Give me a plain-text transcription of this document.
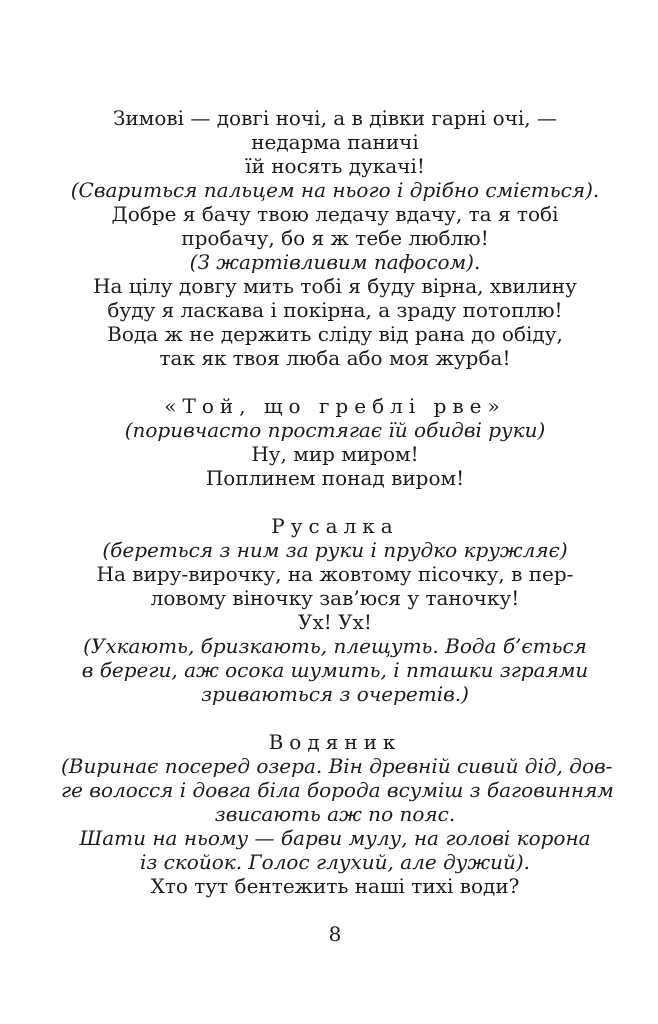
Зимові — довгі ночі, а в дівки гарні очі, —
недарма паничі
їй носять дукачі!
(Свариться пальцем на нього і дрібно сміється).
Добре я бачу твою ледачу вдачу, та я тобі
пробачу, бо я ж тебе люблю!
(З жартівливим пафосом).
На цілу довгу мить тобі я буду вірна, хвилину
буду я ласкава і покірна, а зраду потоплю!
Вода ж не держить сліду від рана до обіду,
так як твоя люба або моя журба!
«Той, що греблі рве»
(поривчасто простягає їй обидві руки)
Ну, мир миром!
Поплинем понад виром!
Русалка
(береться з ним за руки і прудко кружляє)
На виру-вирочку, на жовтому пісочку, в пер-
ловому віночку зав’юся у таночку!
Ух! Ух!
(Ухкають, бризкають, плещуть. Вода б’ється
в береги, аж осока шумить, і пташки зграями
зриваються з очеретів.)
Водяник
(Виринає посеред озера. Він древній сивий дід, дов-
ге волосся і довга біла борода всуміш з баговинням
звисають аж по пояс.
Шати на ньому — барви мулу, на голові корона
із скойок. Голос глухий, але дужий).
Хто тут бентежить наші тихі води?
8
